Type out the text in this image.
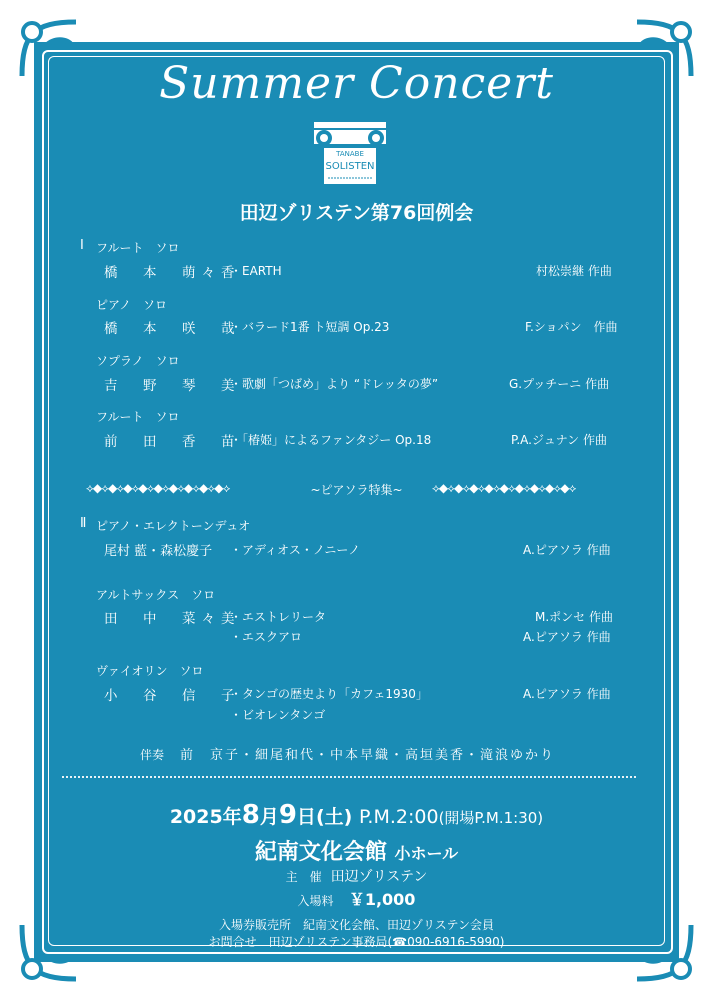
Summer Concert
TANABE
SOLISTEN
田辺ゾリステン第76回例会
Ⅰ フルート　ソロ
橋　本　萌々香
・EARTH	村松崇継 作曲
ピアノ　ソロ
橋　本　咲　哉
・バラード1番 ト短調 Op.23	F.ショパン　作曲
ソプラノ　ソロ
吉　野　琴　美
・歌劇「つばめ」より “ドレッタの夢”	G.プッチーニ 作曲
フルート　ソロ
前　田　香　苗
・「椿姫」によるファンタジー Op.18	P.A.ジュナン 作曲
⟡◆⟡◆⟡◆⟡◆⟡◆⟡◆⟡◆⟡◆⟡◆⟡	~ピアソラ特集~	⟡◆⟡◆⟡◆⟡◆⟡◆⟡◆⟡◆⟡◆⟡◆⟡
Ⅱ ピアノ・エレクトーンデュオ
尾村 藍・森松慶子 ・アディオス・ノニーノ	A.ピアソラ 作曲
アルトサックス　ソロ
田　中　菜々美
・エストレリータ	M.ポンセ 作曲
・エスクアロ	A.ピアソラ 作曲
ヴァイオリン　ソロ
小　谷　信　子
・タンゴの歴史より「カフェ1930」	A.ピアソラ 作曲
・ビオレンタンゴ
伴奏 前　京子・細尾和代・中本早織・高垣美香・滝浪ゆかり
2025年8月9日(土) P.M.2:00(開場P.M.1:30)
紀南文化会館 小ホール
主　催 田辺ゾリステン
入場料 ￥1,000
入場券販売所　紀南文化会館、田辺ゾリステン会員
お問合せ　田辺ゾリステン事務局(☎090-6916-5990)
